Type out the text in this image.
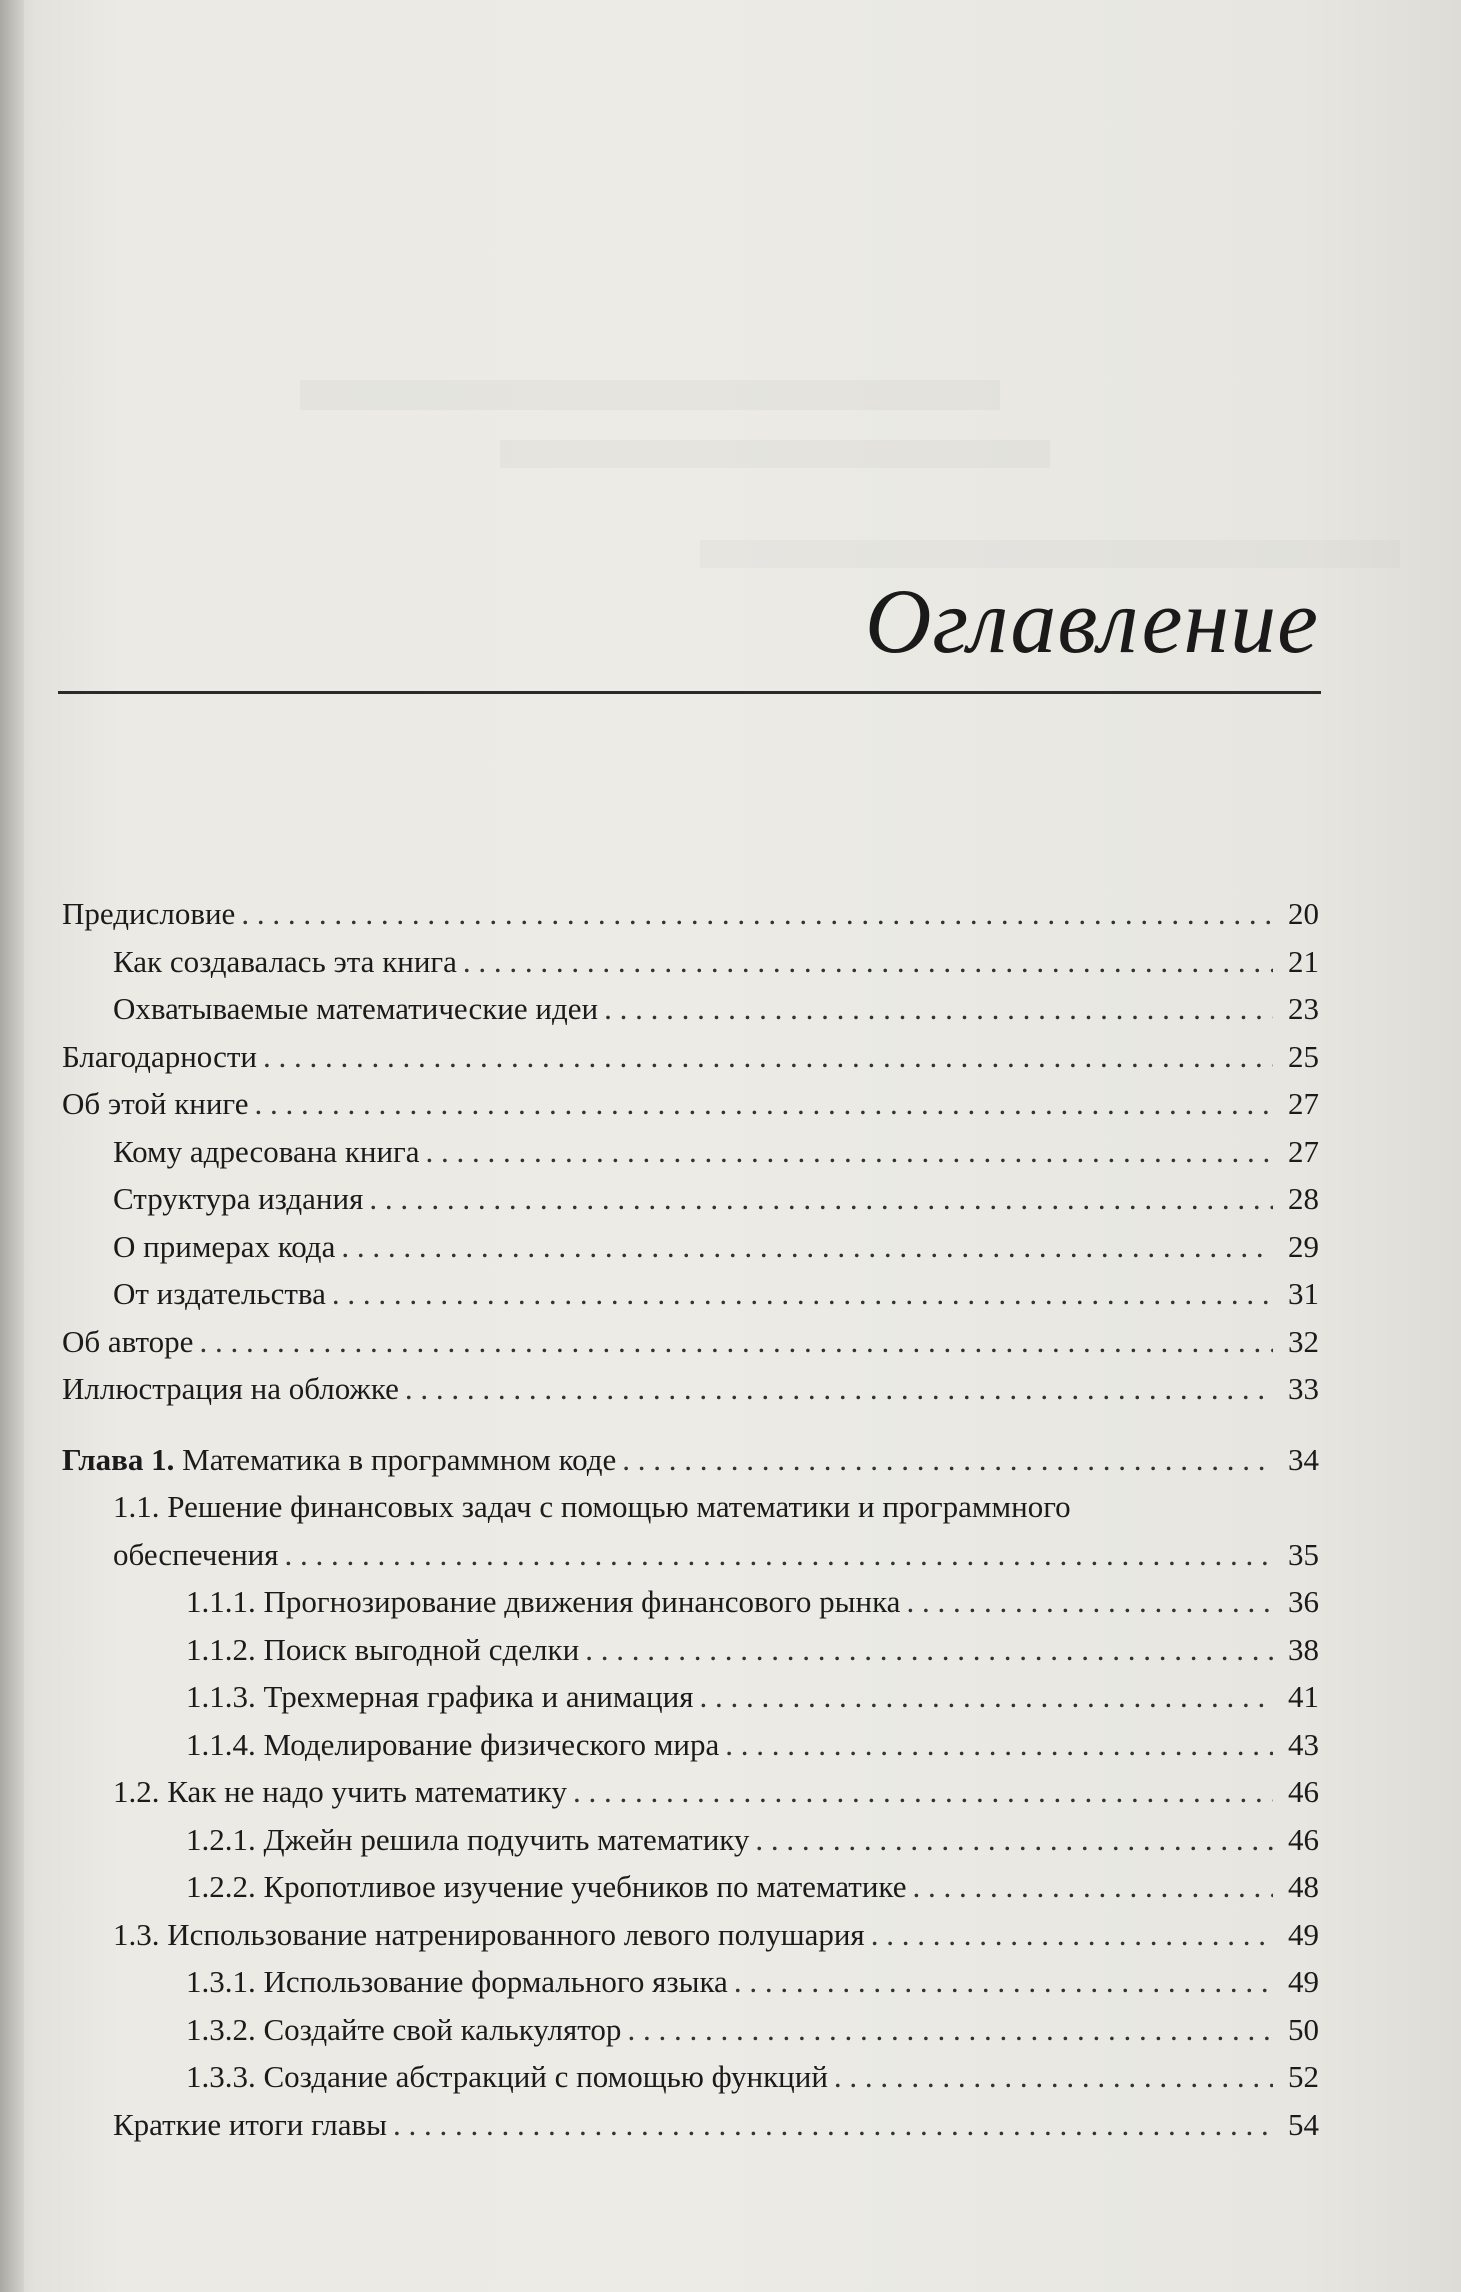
Оглавление
Предисловие . . .	20
Как создавалась эта книга . . .	21
Охватываемые математические идеи . . .	23
Благодарности . . .	25
Об этой книге . . .	27
Кому адресована книга . . .	27
Структура издания . . .	28
О примерах кода . . .	29
От издательства . . .	31
Об авторе . . .	32
Иллюстрация на обложке . . .	33
Глава 1. Математика в программном коде . . .	34
1.1. Решение финансовых задач с помощью математики и программного
обеспечения . . .	35
1.1.1. Прогнозирование движения финансового рынка . . .	36
1.1.2. Поиск выгодной сделки . . .	38
1.1.3. Трехмерная графика и анимация . . .	41
1.1.4. Моделирование физического мира . . .	43
1.2. Как не надо учить математику . . .	46
1.2.1. Джейн решила подучить математику . . .	46
1.2.2. Кропотливое изучение учебников по математике . . .	48
1.3. Использование натренированного левого полушария . . .	49
1.3.1. Использование формального языка . . .	49
1.3.2. Создайте свой калькулятор . . .	50
1.3.3. Создание абстракций с помощью функций . . .	52
Краткие итоги главы . . .	54
